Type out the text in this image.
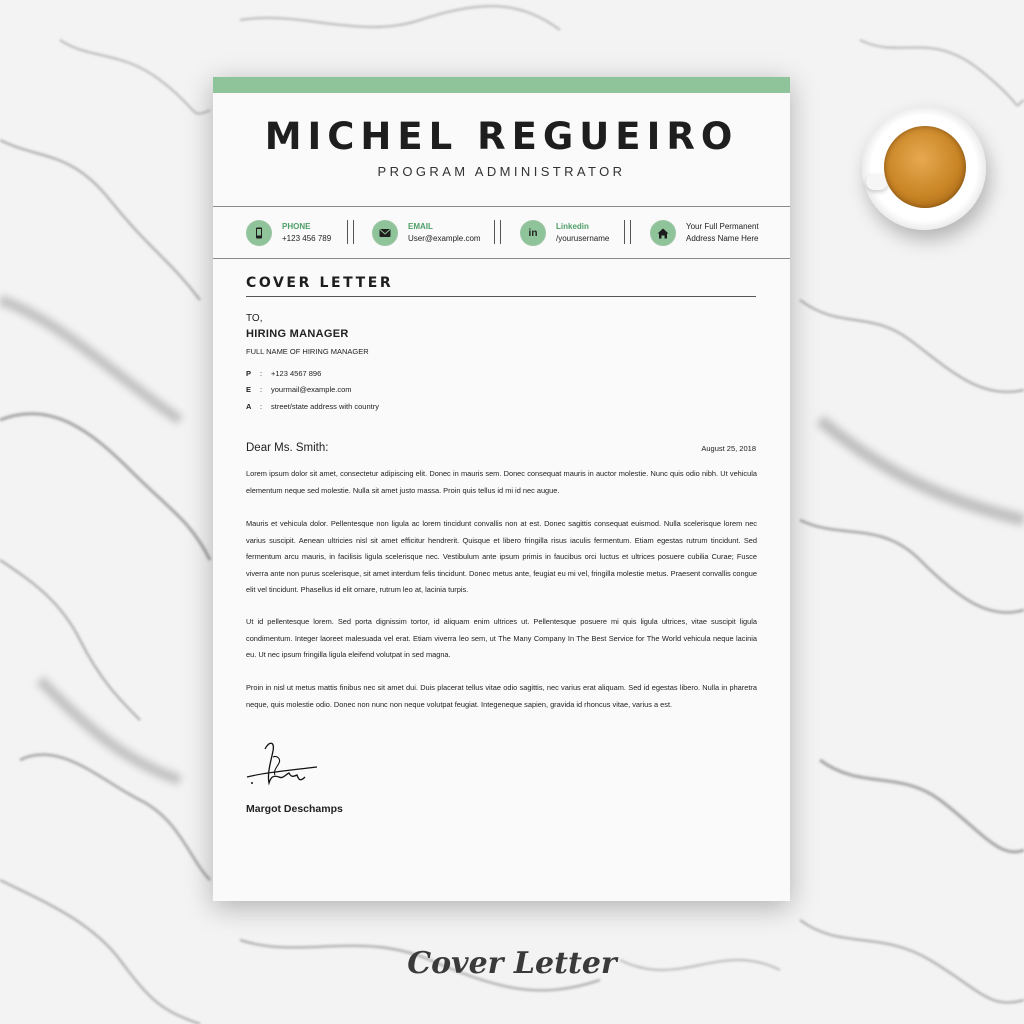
MICHEL REGUEIRO
PROGRAM ADMINISTRATOR
PHONE
+123 456 789
EMAIL
User@example.com	in
Linkedin
/yourusername
Your Full Permanent
Address Name Here
COVER LETTER
TO,
HIRING MANAGER
FULL NAME OF HIRING MANAGER
P	:	+123 4567 896
E	:	yourmail@example.com
A	:	street/state address with country
Dear Ms. Smith:	August 25, 2018
Lorem ipsum dolor sit amet, consectetur adipiscing elit. Donec in mauris sem. Donec consequat mauris in auctor molestie. Nunc quis odio nibh. Ut vehicula elementum neque sed molestie. Nulla sit amet justo massa. Proin quis tellus id mi id nec augue.
Mauris et vehicula dolor. Pellentesque non ligula ac lorem tincidunt convallis non at est. Donec sagittis consequat euismod. Nulla scelerisque lorem nec varius suscipit. Aenean ultricies nisl sit amet efficitur hendrerit. Quisque et libero fringilla risus iaculis fermentum. Etiam egestas rutrum tincidunt. Sed fermentum arcu mauris, in facilisis ligula scelerisque nec. Vestibulum ante ipsum primis in faucibus orci luctus et ultrices posuere cubilia Curae; Fusce viverra ante non purus scelerisque, sit amet interdum felis tincidunt. Donec metus ante, feugiat eu mi vel, fringilla molestie metus. Praesent convallis congue elit vel tincidunt. Phasellus id elit ornare, rutrum leo at, lacinia turpis.
Ut id pellentesque lorem. Sed porta dignissim tortor, id aliquam enim ultrices ut. Pellentesque posuere mi quis ligula ultrices, vitae suscipit ligula condimentum. Integer laoreet malesuada vel erat. Etiam viverra leo sem, ut The Many Company In The Best Service for The World vehicula neque lacinia eu. Ut nec ipsum fringilla ligula eleifend volutpat in sed magna.
Proin in nisl ut metus mattis finibus nec sit amet dui. Duis placerat tellus vitae odio sagittis, nec varius erat aliquam. Sed id egestas libero. Nulla in pharetra neque, quis molestie odio. Donec non nunc non neque volutpat feugiat. Integeneque sapien, gravida id rhoncus vitae, varius a est.
Margot Deschamps
Cover Letter
